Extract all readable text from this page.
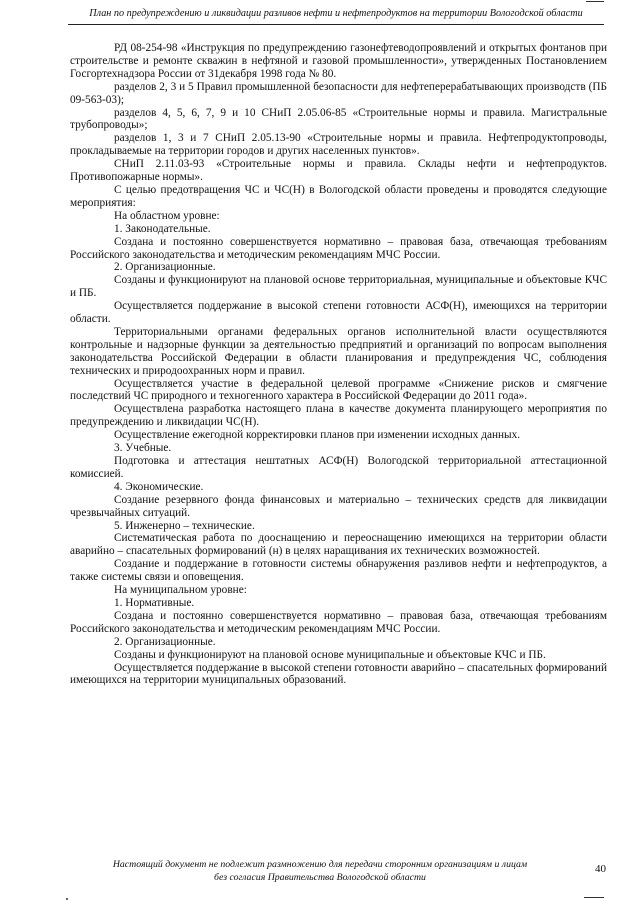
План по предупреждению и ликвидации разливов нефти и нефтепродуктов на территории Вологодской области

РД 08-254-98 «Инструкция по предупреждению газонефтеводопроявлений и открытых фонтанов при строительстве и ремонте скважин в нефтяной и газовой промышленности», утвержденных Постановлением Госгортехнадзора России от 31декабря 1998 года № 80.

разделов 2, 3 и 5 Правил промышленной безопасности для нефтеперерабатывающих производств (ПБ 09-563-03);

разделов 4, 5, 6, 7, 9 и 10 СНиП 2.05.06-85 «Строительные нормы и правила. Магистральные трубопроводы»;

разделов 1, 3 и 7 СНиП 2.05.13-90 «Строительные нормы и правила. Нефтепродуктопроводы, прокладываемые на территории городов и других населенных пунктов».

СНиП 2.11.03-93 «Строительные нормы и правила. Склады нефти и нефтепродуктов. Противопожарные нормы».

С целью предотвращения ЧС и ЧС(Н) в Вологодской области проведены и проводятся следующие мероприятия:

На областном уровне:

1. Законодательные.

Создана и постоянно совершенствуется нормативно – правовая база, отвечающая требованиям Российского законодательства и методическим рекомендациям МЧС России.

2. Организационные.

Созданы и функционируют на плановой основе территориальная, муниципальные и объектовые КЧС и ПБ.

Осуществляется поддержание в высокой степени готовности АСФ(Н), имеющихся на территории области.

Территориальными органами федеральных органов исполнительной власти осуществляются контрольные и надзорные функции за деятельностью предприятий и организаций по вопросам выполнения законодательства Российской Федерации в области планирования и предупреждения ЧС, соблюдения технических и природоохранных норм и правил.

Осуществляется участие в федеральной целевой программе «Снижение рисков и смягчение последствий ЧС природного и техногенного характера в Российской Федерации до 2011 года».

Осуществлена разработка настоящего плана в качестве документа планирующего мероприятия по предупреждению и ликвидации ЧС(Н).

Осуществление ежегодной корректировки планов при изменении исходных данных.

3. Учебные.

Подготовка и аттестация нештатных АСФ(Н) Вологодской территориальной аттестационной комиссией.

4. Экономические.

Создание резервного фонда финансовых и материально – технических средств для ликвидации чрезвычайных ситуаций.

5. Инженерно – технические.

Систематическая работа по дооснащению и переоснащению имеющихся на территории области аварийно – спасательных формирований (н) в целях наращивания их технических возможностей.

Создание и поддержание в готовности системы обнаружения разливов нефти и нефтепродуктов, а также системы связи и оповещения.

На муниципальном уровне:

1. Нормативные.

Создана и постоянно совершенствуется нормативно – правовая база, отвечающая требованиям Российского законодательства и методическим рекомендациям МЧС России.

2. Организационные.

Созданы и функционируют на плановой основе муниципальные и объектовые КЧС и ПБ.

Осуществляется поддержание в высокой степени готовности аварийно – спасательных формирований имеющихся на территории муниципальных образований.

Настоящий документ не подлежит размножению для передачи сторонним организациям и лицам
без согласия Правительства Вологодской области
40
